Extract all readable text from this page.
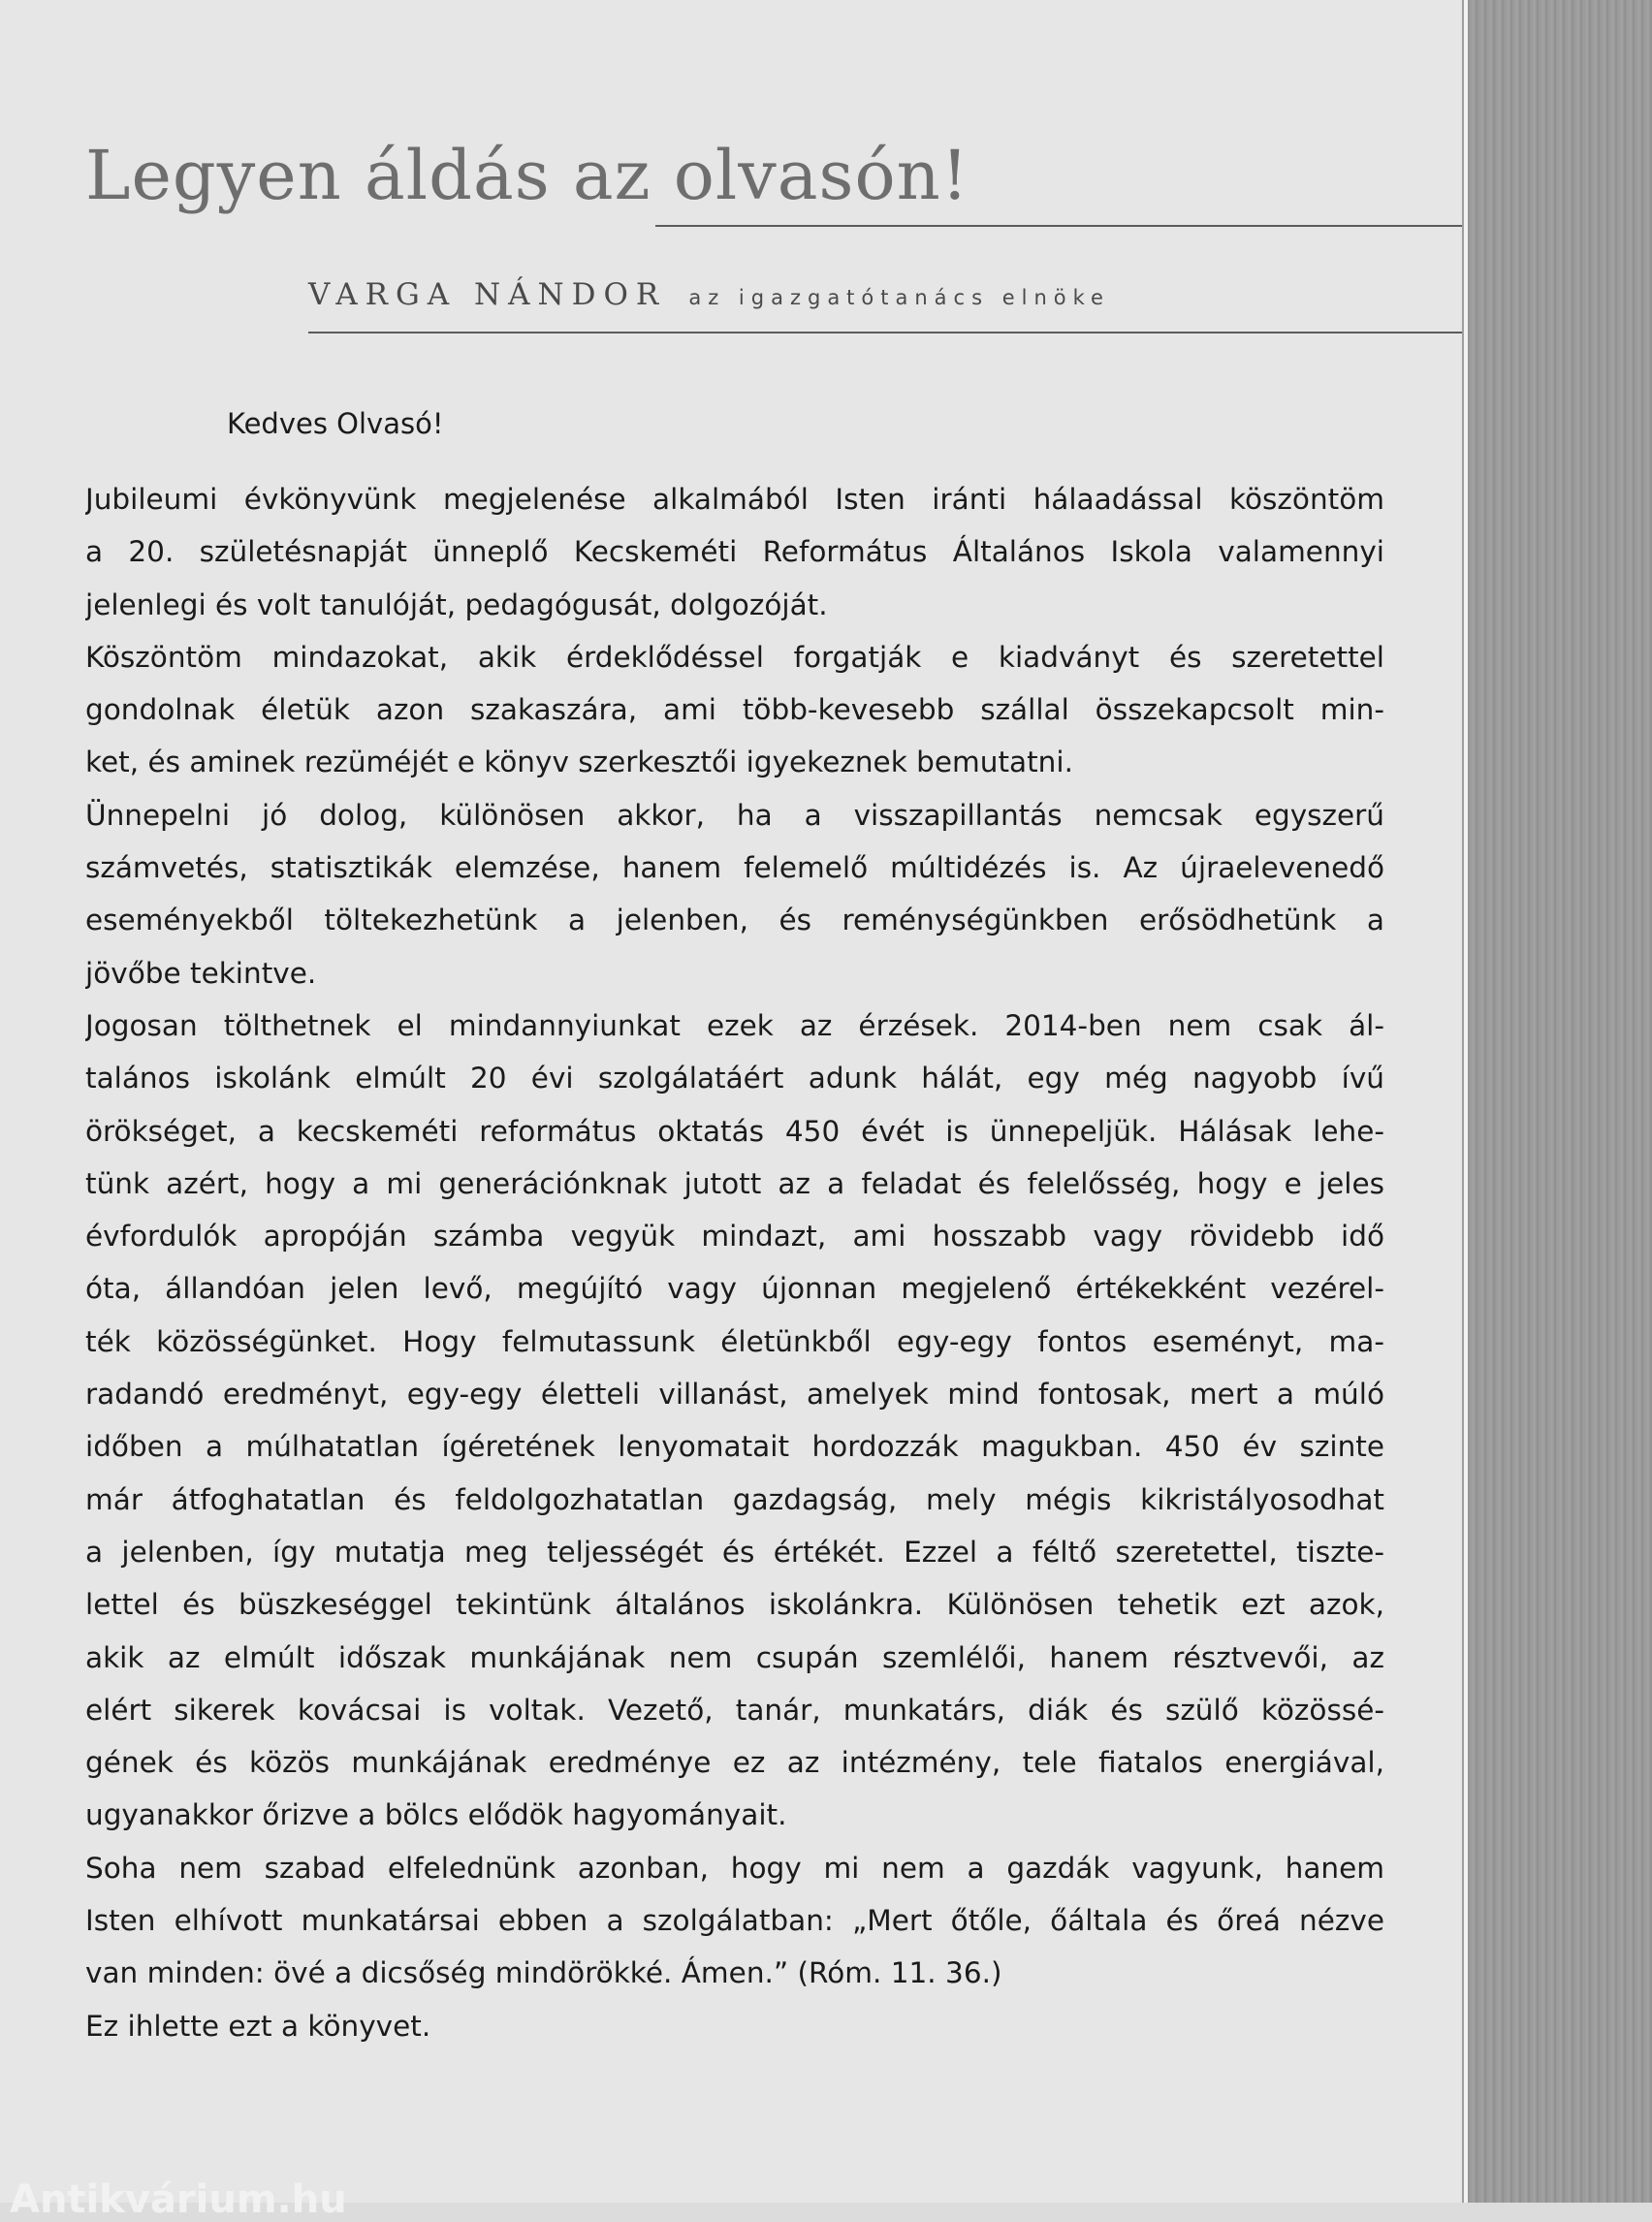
Legyen áldás az olvasón!
VARGA NÁNDOR az igazgatótanács elnöke
Kedves Olvasó!
Jubileumi évkönyvünk megjelenése alkalmából Isten iránti hálaadással köszöntöm
a 20. születésnapját ünneplő Kecskeméti Református Általános Iskola valamennyi
jelenlegi és volt tanulóját, pedagógusát, dolgozóját.
Köszöntöm mindazokat, akik érdeklődéssel forgatják e kiadványt és szeretettel
gondolnak életük azon szakaszára, ami több-kevesebb szállal összekapcsolt min-
ket, és aminek rezüméjét e könyv szerkesztői igyekeznek bemutatni.
Ünnepelni jó dolog, különösen akkor, ha a visszapillantás nemcsak egyszerű
számvetés, statisztikák elemzése, hanem felemelő múltidézés is. Az újraelevenedő
eseményekből töltekezhetünk a jelenben, és reménységünkben erősödhetünk a
jövőbe tekintve.
Jogosan tölthetnek el mindannyiunkat ezek az érzések. 2014-ben nem csak ál-
talános iskolánk elmúlt 20 évi szolgálatáért adunk hálát, egy még nagyobb ívű
örökséget, a kecskeméti református oktatás 450 évét is ünnepeljük. Hálásak lehe-
tünk azért, hogy a mi generációnknak jutott az a feladat és felelősség, hogy e jeles
évfordulók apropóján számba vegyük mindazt, ami hosszabb vagy rövidebb idő
óta, állandóan jelen levő, megújító vagy újonnan megjelenő értékekként vezérel-
ték közösségünket. Hogy felmutassunk életünkből egy-egy fontos eseményt, ma-
radandó eredményt, egy-egy életteli villanást, amelyek mind fontosak, mert a múló
időben a múlhatatlan ígéretének lenyomatait hordozzák magukban. 450 év szinte
már átfoghatatlan és feldolgozhatatlan gazdagság, mely mégis kikristályosodhat
a jelenben, így mutatja meg teljességét és értékét. Ezzel a féltő szeretettel, tiszte-
lettel és büszkeséggel tekintünk általános iskolánkra. Különösen tehetik ezt azok,
akik az elmúlt időszak munkájának nem csupán szemlélői, hanem résztvevői, az
elért sikerek kovácsai is voltak. Vezető, tanár, munkatárs, diák és szülő közössé-
gének és közös munkájának eredménye ez az intézmény, tele fiatalos energiával,
ugyanakkor őrizve a bölcs elődök hagyományait.
Soha nem szabad elfelednünk azonban, hogy mi nem a gazdák vagyunk, hanem
Isten elhívott munkatársai ebben a szolgálatban: „Mert őtőle, őáltala és őreá nézve
van minden: övé a dicsőség mindörökké. Ámen.” (Róm. 11. 36.)
Ez ihlette ezt a könyvet.
Antikvárium.hu
